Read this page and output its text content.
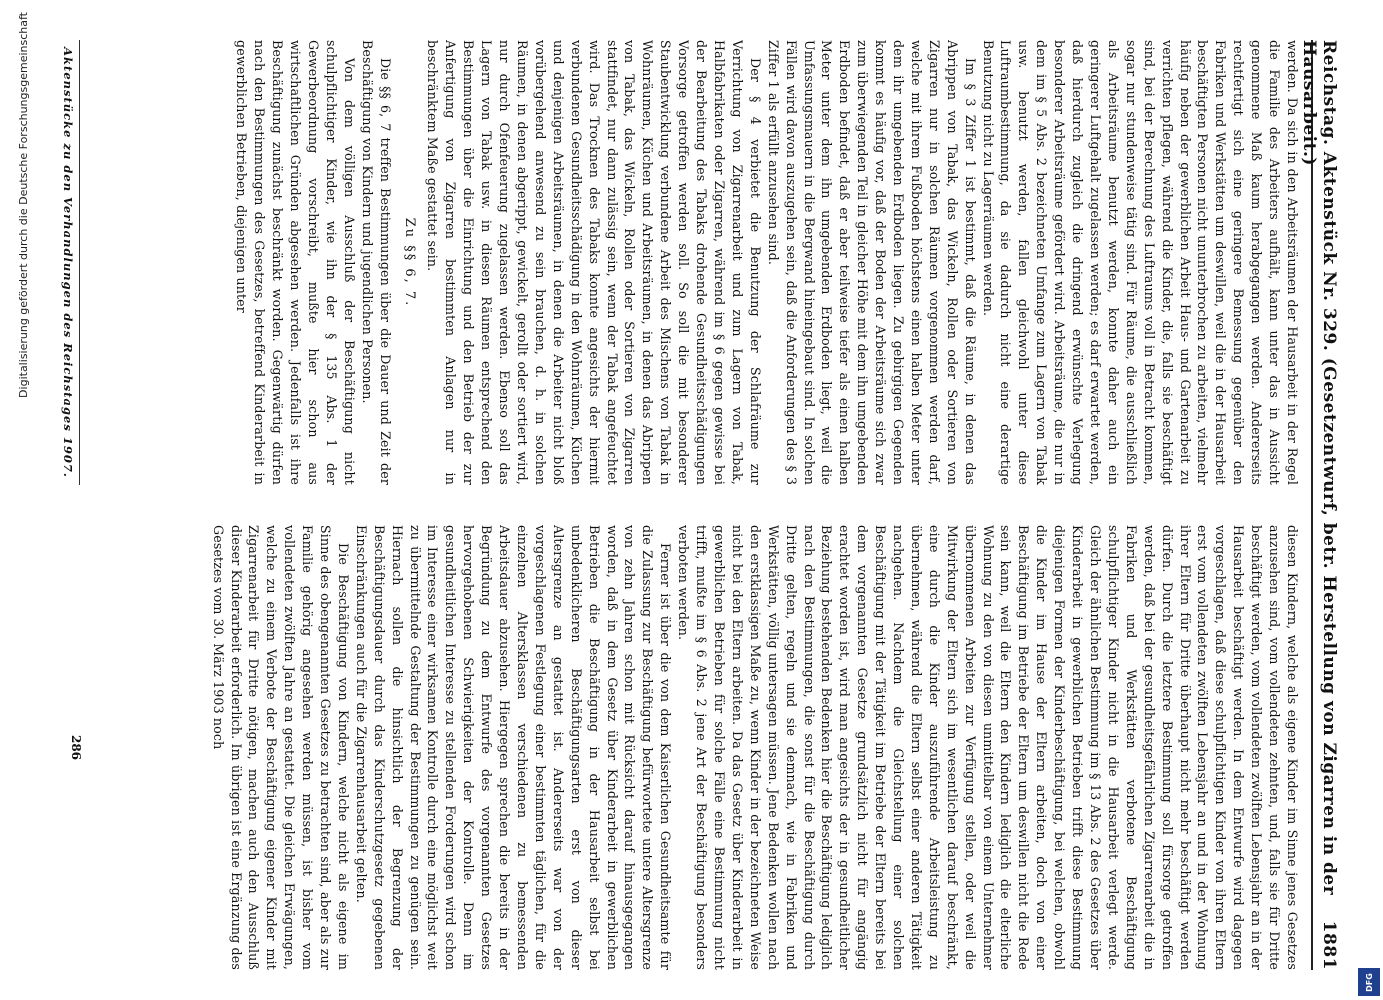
Reichstag. Aktenstück Nr. 329. (Gesetzentwurf, betr. Herstellung von Zigarren in der Hausarbeit.)
1881

werden. Da sich in den Arbeitsräumen der Hausarbeit in der Regel die Familie des Arbeiters aufhält, kann unter das in Aussicht genommene Maß kaum herabgegangen werden. Andererseits rechtfertigt sich eine geringere Bemessung gegenüber den Fabriken und Werkstätten um deswillen, weil die in der Hausarbeit beschäftigten Personen nicht ununterbrochen zu arbeiten, vielmehr häufig neben der gewerblichen Arbeit Haus- und Gartenarbeit zu verrichten pflegen, während die Kinder, die, falls sie beschäftigt sind, bei der Berechnung des Luftraums voll in Betracht kommen, sogar nur stundenweise tätig sind. Für Räume, die ausschließlich als Arbeitsräume benutzt werden, konnte daher auch ein geringerer Luftgehalt zugelassen werden; es darf erwartet werden, daß hierdurch zugleich die dringend erwünschte Verlegung besonderer Arbeitsräume gefördert wird. Arbeitsräume, die nur in dem im § 5 Abs. 2 bezeichneten Umfange zum Lagern von Tabak usw. benutzt werden, fallen gleichwohl unter diese Luftraumbestimmung, da sie dadurch nicht eine derartige Benutzung nicht zu Lagerräumen werden.

Im § 3 Ziffer 1 ist bestimmt, daß die Räume, in denen das Abrippen von Tabak, das Wickeln, Rollen oder Sortieren von Zigarren nur in solchen Räumen vorgenommen werden darf, welche mit ihrem Fußboden höchstens einen halben Meter unter dem ihr umgebenden Erdboden liegen. Zu gebirgigen Gegenden kommt es häufig vor, daß der Boden der Arbeitsräume sich zwar zum überwiegenden Teil in gleicher Höhe mit dem ihn umgebenden Erdboden befindet, daß er aber teilweise tiefer als einen halben Meter unter dem ihn umgebenden Erdboden liegt, weil die Umfassungsmauern in die Bergwand hineingebaut sind. In solchen Fällen wird davon auszugehen sein, daß die Anforderungen des § 3 Ziffer 1 als erfüllt anzusehen sind.

Der § 4 verbietet die Benutzung der Schlafräume zur Verrichtung von Zigarrenarbeit und zum Lagern von Tabak, Halbfabrikaten oder Zigarren, während im § 6 gegen gewisse bei der Bearbeitung des Tabaks drohende Gesundheitsschädigungen Vorsorge getroffen werden soll. So soll die mit besonderer Staubentwicklung verbundene Arbeit des Mischens von Tabak in Wohnräumen, Küchen und Arbeitsräumen, in denen das Abrippen von Tabak, das Wickeln, Rollen oder Sortieren von Zigarren stattfindet, nur dann zulässig sein, wenn der Tabak angefeuchtet wird. Das Trocknen des Tabaks konnte angesichts der hiermit verbundenen Gesundheitsschädigung in den Wohnräumen, Küchen und denjenigen Arbeitsräumen, in denen die Arbeiter nicht bloß vorübergehend anwesend zu sein brauchen, d. h. in solchen Räumen, in denen abgerippt, gewickelt, gerollt oder sortiert wird, nur durch Ofenfeuerung zugelassen werden. Ebenso soll das Lagern von Tabak usw. in diesen Räumen entsprechend den Bestimmungen über die Einrichtung und den Betrieb der zur Anfertigung von Zigarren bestimmten Anlagen nur in beschränktem Maße gestattet sein.

Zu §§ 6, 7.

Die §§ 6, 7 treffen Bestimmungen über die Dauer und Zeit der Beschäftigung von Kindern und jugendlichen Personen.

Von dem völligen Ausschluß der Beschäftigung nicht schulpflichtiger Kinder, wie ihn der § 135 Abs. 1 der Gewerbeordnung vorschreibt, mußte hier schon aus wirtschaftlichen Gründen abgesehen werden. Jedenfalls ist ihre Beschäftigung zunächst beschränkt worden. Gegenwärtig dürfen nach den Bestimmungen des Gesetzes, betreffend Kinderarbeit in gewerblichen Betrieben, diejenigen unter

diesen Kindern, welche als eigene Kinder im Sinne jenes Gesetzes anzusehen sind, vom vollendeten zehnten, und, falls sie für Dritte beschäftigt werden, vom vollendeten zwölften Lebensjahr an in der Hausarbeit beschäftigt werden. In dem Entwurfe wird dagegen vorgeschlagen, daß diese schulpflichtigen Kinder von ihren Eltern erst vom vollendeten zwölften Lebensjahr an und in der Wohnung ihrer Eltern für Dritte überhaupt nicht mehr beschäftigt werden dürfen. Durch die letztere Bestimmung soll fürsorge getroffen werden, daß bei der gesundheitsgefährlichen Zigarrenarbeit die in Fabriken und Werkstätten verbotene Beschäftigung schulpflichtiger Kinder nicht in die Hausarbeit verlegt werde. Gleich der ähnlichen Bestimmung im § 13 Abs. 2 des Gesetzes über Kinderarbeit in gewerblichen Betrieben trifft diese Bestimmung diejenigen Formen der Kinderbeschäftigung, bei welchen, obwohl die Kinder im Hause der Eltern arbeiten, doch von einer Beschäftigung im Betriebe der Eltern um deswillen nicht die Rede sein kann, weil die Eltern den Kindern lediglich die elterliche Wohnung zu den von diesen unmittelbar von einem Unternehmer übernommenen Arbeiten zur Verfügung stellen, oder weil die Mitwirkung der Eltern sich im wesentlichen darauf beschränkt, eine durch die Kinder auszuführende Arbeitsleistung zu übernehmen, während die Eltern selbst einer anderen Tätigkeit nachgehen. Nachdem die Gleichstellung einer solchen Beschäftigung mit der Tätigkeit im Betriebe der Eltern bereits bei dem vorgenannten Gesetze grundsätzlich nicht für angängig erachtet worden ist, wird man angesichts der in gesundheitlicher Beziehung bestehenden Bedenken hier die Beschäftigung lediglich nach den Bestimmungen, die sonst für die Beschäftigung durch Dritte gelten, regeln und sie demnach, wie in Fabriken und Werkstätten, völlig untersagen müssen. Jene Bedenken wollen nach den erstklassigen Maße zu, wenn Kinder in der bezeichneten Weise nicht bei den Eltern arbeiten. Da das Gesetz über Kinderarbeit in gewerblichen Betrieben für solche Fälle eine Bestimmung nicht trifft, mußte im § 6 Abs. 2 jene Art der Beschäftigung besonders verboten werden.

Ferner ist über die von dem Kaiserlichen Gesundheitsamte für die Zulassung zur Beschäftigung befürwortete untere Altersgrenze von zehn Jahren schon mit Rücksicht darauf hinausgegangen worden, daß in dem Gesetz über Kinderarbeit in gewerblichen Betrieben die Beschäftigung in der Hausarbeit selbst bei unbedenklicheren Beschäftigungsarten erst von dieser Altersgrenze an gestattet ist. Andererseits war von der vorgeschlagenen Festlegung einer bestimmten täglichen, für die einzelnen Altersklassen verschiedenen zu bemessenden Arbeitsdauer abzusehen. Hiergegen sprechen die bereits in der Begründung zu dem Entwurfe des vorgenannten Gesetzes hervorgehobenen Schwierigkeiten der Kontrolle. Denn im gesundheitlichen Interesse zu stellenden Forderungen wird schon im Interesse einer wirksamen Kontrolle durch eine möglichst weit zu übermittelnde Gestaltung der Bestimmungen zu genügen sein. Hiernach sollen die hinsichtlich der Begrenzung der Beschäftigungsdauer durch das Kinderschutzgesetz gegebenen Einschränkungen auch für die Zigarrenhausarbeit gelten.

Die Beschäftigung von Kindern, welche nicht als eigene im Sinne des obengenannten Gesetzes zu betrachten sind, aber als zur Familie gehörig angesehen werden müssen, ist bisher vom vollendeten zwölften Jahre an gestattet. Die gleichen Erwägungen, welche zu einem Verbote der Beschäftigung eigener Kinder mit Zigarrenarbeit für Dritte nötigen, machen auch den Ausschluß dieser Kinderarbeit erforderlich. Im übrigen ist eine Ergänzung des Gesetzes vom 30. März 1903 noch

Aktenstücke zu den Verhandlungen des Reichstages 1907.
286
Digitalisierung gefördert durch die Deutsche Forschungsgemeinschaft
DFG
